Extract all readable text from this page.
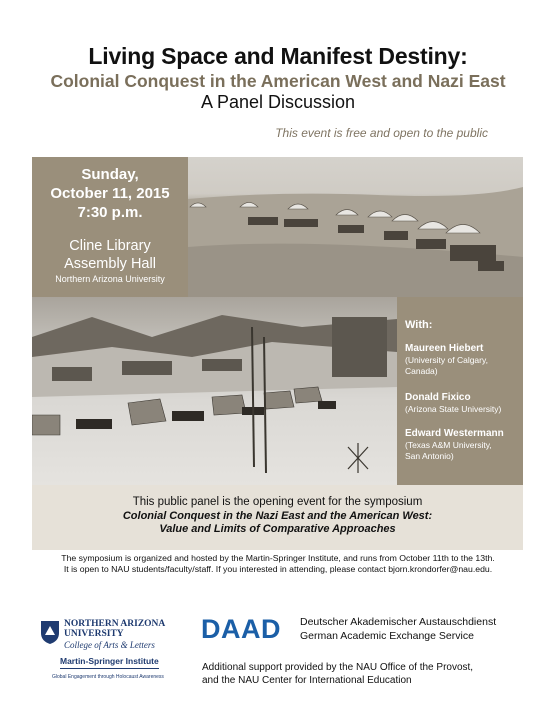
Living Space and Manifest Destiny:
Colonial Conquest in the American West and Nazi East
A Panel Discussion
This event is free and open to the public
Sunday,
October 11, 2015
7:30 p.m.
Cline Library
Assembly Hall
Northern Arizona University
With:
Maureen Hiebert
(University of Calgary,
Canada)
Donald Fixico
(Arizona State University)
Edward Westermann
(Texas A&M University,
San Antonio)
This public panel is the opening event for the symposium
Colonial Conquest in the Nazi East and the American West:
Value and Limits of Comparative Approaches
The symposium is organized and hosted by the Martin-Springer Institute, and runs from October 11th to the 13th.
It is open to NAU students/faculty/staff. If you interested in attending, please contact bjorn.krondorfer@nau.edu.
NORTHERN ARIZONA
UNIVERSITY
College of Arts & Letters
Martin-Springer Institute
Global Engagement through Holocaust Awareness
DAAD Deutscher Akademischer Austauschdienst
German Academic Exchange Service
Additional support provided by the NAU Office of the Provost,
and the NAU Center for International Education
